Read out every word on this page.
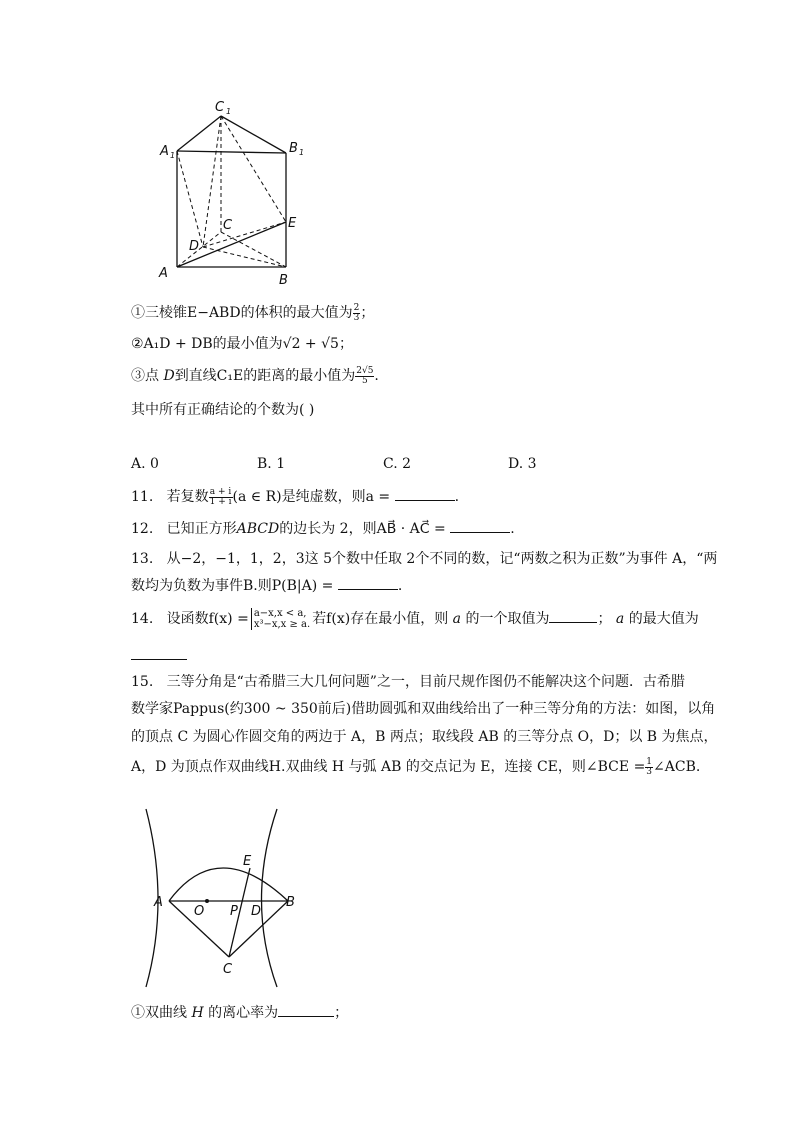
C 1
A 1	B 1
C	E
D
A	B
①三棱锥E−ABD的体积的最大值为 $\frac{2}{3}$ ；
②A₁D + DB的最小值为√2 + √5；
③点 D到直线C₁E的距离的最小值为 $\frac{2√5}{5}$ .
其中所有正确结论的个数为( )
A. 0	B. 1	C. 2	D. 3
11. 若复数 $\frac{a + i}{1 + i} (a$ ∈ R)是纯虚数，则a =	.
12. 已知正方形ABCD的边长为 2，则AB⃗ · AC⃗ =	.
13. 从−2，−1，1，2，3这 5个数中任取 2个不同的数，记“两数之积为正数”为事件 A，“两
数均为负数为事件B.则P(B|A) =	.
14. 设函数f(x) = a−x,x < a,
x³−x,x ≥ a. 若f(x)存在最小值，则 a 的一个取值为	； a 的最大值为
15. 三等分角是“古希腊三大几何问题”之一，目前尺规作图仍不能解决这个问题．古希腊
数学家Pappus(约300 ~ 350前后)借助圆弧和双曲线给出了一种三等分角的方法：如图，以角
的顶点 C 为圆心作圆交角的两边于 A，B 两点；取线段 AB 的三等分点 O，D；以 B 为焦点，
A，D 为顶点作双曲线H.双曲线 H 与弧 AB 的交点记为 E，连接 CE，则∠BCE = $\frac{1}{3}$ ∠ACB.
A
O P D
B
E
C
①双曲线 H 的离心率为	；
